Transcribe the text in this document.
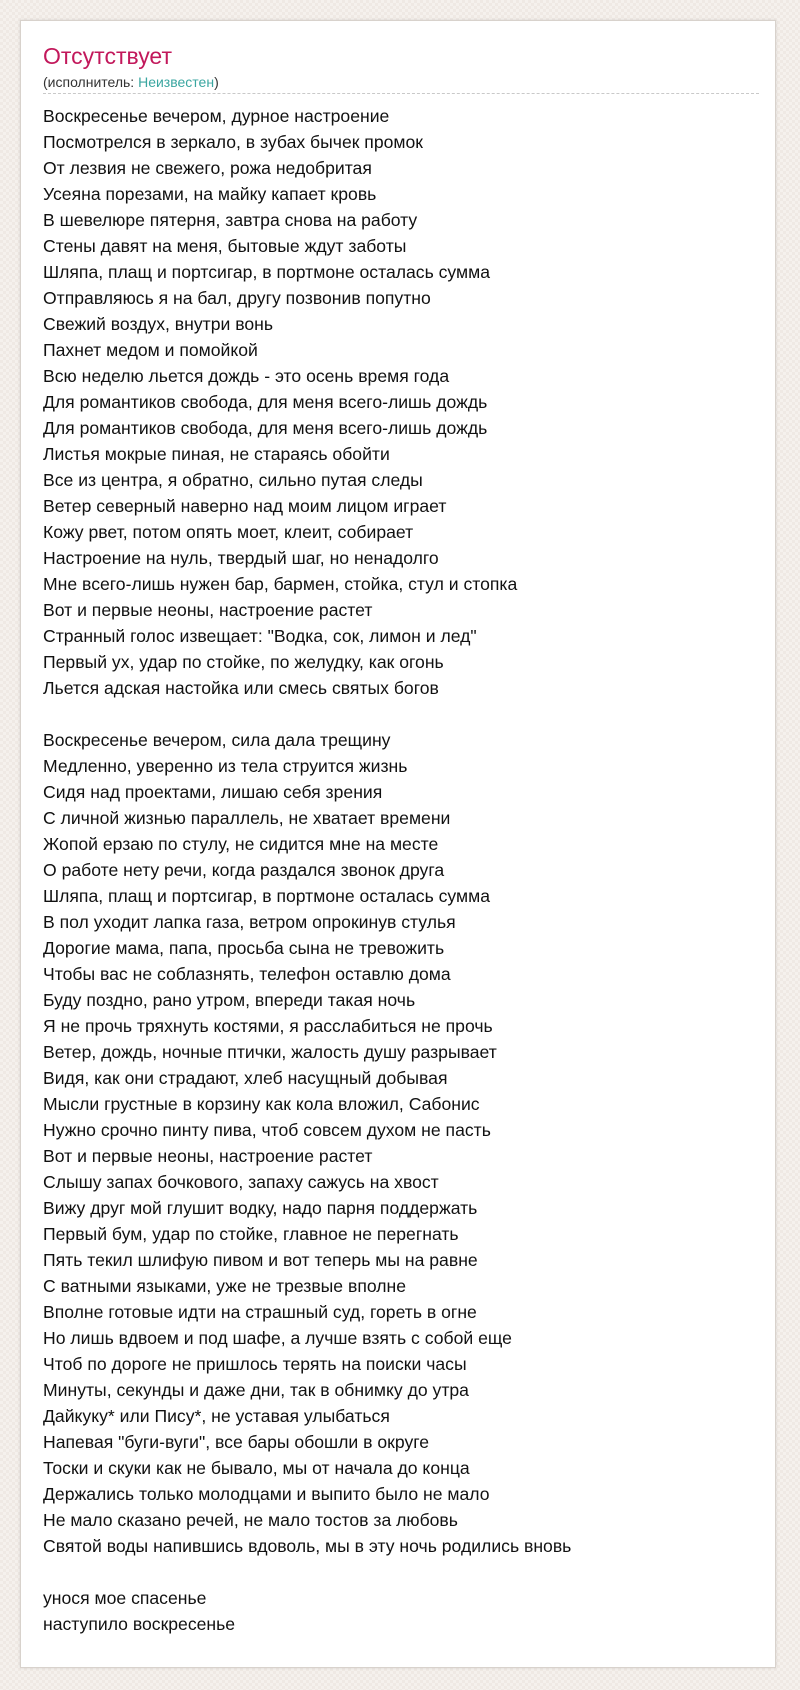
Отсутствует
(исполнитель: Неизвестен)
Воскресенье вечером, дурное настроение
Посмотрелся в зеркало, в зубах бычек промок
От лезвия не свежего, рожа недобритая
Усеяна порезами, на майку капает кровь
В шевелюре пятерня, завтра снова на работу
Стены давят на меня, бытовые ждут заботы
Шляпа, плащ и портсигар, в портмоне осталась сумма
Отправляюсь я на бал, другу позвонив попутно
Свежий воздух, внутри вонь
Пахнет медом и помойкой
Всю неделю льется дождь - это осень время года
Для романтиков свобода, для меня всего-лишь дождь
Для романтиков свобода, для меня всего-лишь дождь
Листья мокрые пиная, не стараясь обойти
Все из центра, я обратно, сильно путая следы
Ветер северный наверно над моим лицом играет
Кожу рвет, потом опять моет, клеит, собирает
Настроение на нуль, твердый шаг, но ненадолго
Мне всего-лишь нужен бар, бармен, стойка, стул и стопка
Вот и первые неоны, настроение растет
Странный голос извещает: "Водка, сок, лимон и лед"
Первый ух, удар по стойке, по желудку, как огонь
Льется адская настойка или смесь святых богов
Воскресенье вечером, сила дала трещину
Медленно, уверенно из тела струится жизнь
Сидя над проектами, лишаю себя зрения
С личной жизнью параллель, не хватает времени
Жопой ерзаю по стулу, не сидится мне на месте
О работе нету речи, когда раздался звонок друга
Шляпа, плащ и портсигар, в портмоне осталась сумма
В пол уходит лапка газа, ветром опрокинув стулья
Дорогие мама, папа, просьба сына не тревожить
Чтобы вас не соблазнять, телефон оставлю дома
Буду поздно, рано утром, впереди такая ночь
Я не прочь тряхнуть костями, я расслабиться не прочь
Ветер, дождь, ночные птички, жалость душу разрывает
Видя, как они страдают, хлеб насущный добывая
Мысли грустные в корзину как кола вложил, Сабонис
Нужно срочно пинту пива, чтоб совсем духом не пасть
Вот и первые неоны, настроение растет
Слышу запах бочкового, запаху сажусь на хвост
Вижу друг мой глушит водку, надо парня поддержать
Первый бум, удар по стойке, главное не перегнать
Пять текил шлифую пивом и вот теперь мы на равне
С ватными языками, уже не трезвые вполне
Вполне готовые идти на страшный суд, гореть в огне
Но лишь вдвоем и под шафе, а лучше взять с собой еще
Чтоб по дороге не пришлось терять на поиски часы
Минуты, секунды и даже дни, так в обнимку до утра
Дайкуку* или Пису*, не уставая улыбаться
Напевая "буги-вуги", все бары обошли в округе
Тоски и скуки как не бывало, мы от начала до конца
Держались только молодцами и выпито было не мало
Не мало сказано речей, не мало тостов за любовь
Святой воды напившись вдоволь, мы в эту ночь родились вновь
унося мое спасенье
наступило воскресенье
